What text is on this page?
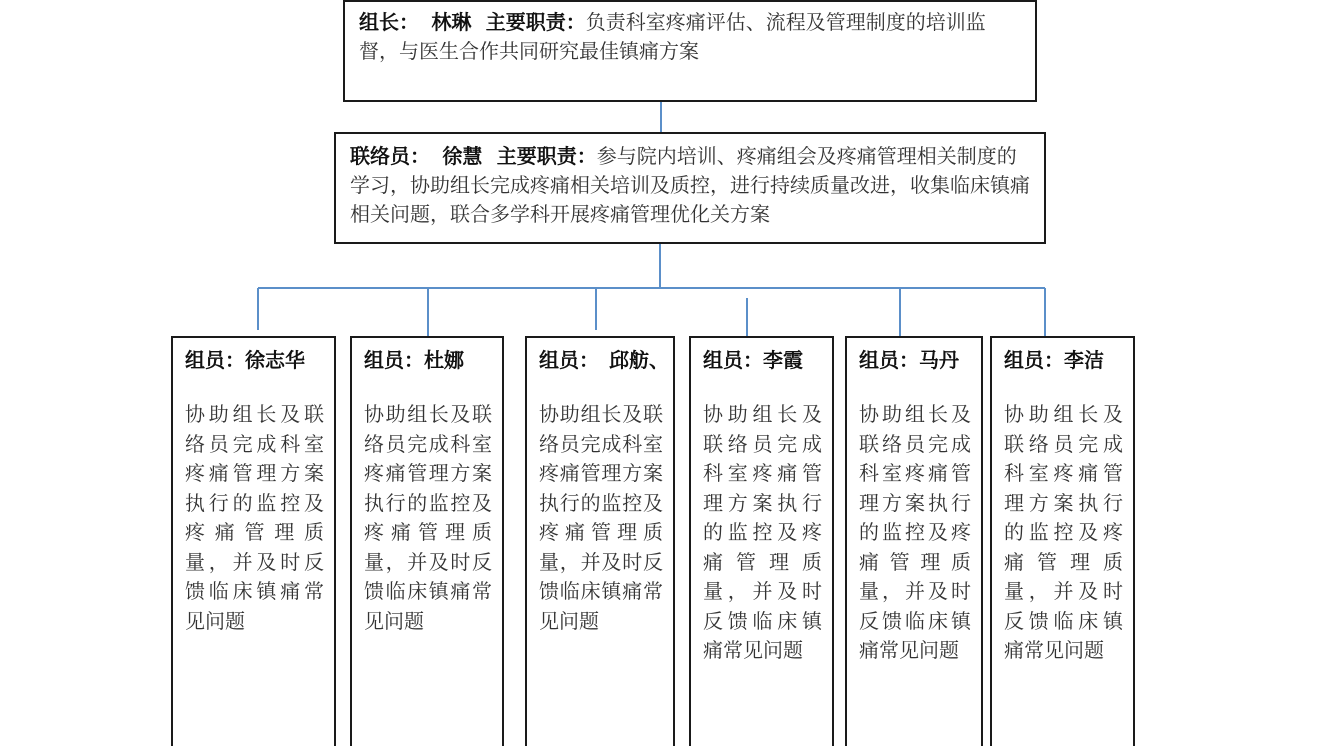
组长： 林琳 主要职责：负责科室疼痛评估、流程及管理制度的培训监督，与医生合作共同研究最佳镇痛方案
联络员： 徐慧 主要职责：参与院内培训、疼痛组会及疼痛管理相关制度的学习，协助组长完成疼痛相关培训及质控，进行持续质量改进，收集临床镇痛相关问题，联合多学科开展疼痛管理优化关方案
组员：徐志华
协助组长及联络员完成科室疼痛管理方案执行的监控及疼痛管理质量，并及时反馈临床镇痛常见问题
组员：杜娜
协助组长及联络员完成科室疼痛管理方案执行的监控及疼痛管理质量，并及时反馈临床镇痛常见问题
组员：　邱舫、
协助组长及联络员完成科室疼痛管理方案执行的监控及疼痛管理质量，并及时反馈临床镇痛常见问题
组员：李霞
协助组长及联络员完成科室疼痛管理方案执行的监控及疼痛管理质量，并及时反馈临床镇痛常见问题
组员：马丹
协助组长及联络员完成科室疼痛管理方案执行的监控及疼痛管理质量，并及时反馈临床镇痛常见问题
组员：李洁
协助组长及联络员完成科室疼痛管理方案执行的监控及疼痛管理质量，并及时反馈临床镇痛常见问题
